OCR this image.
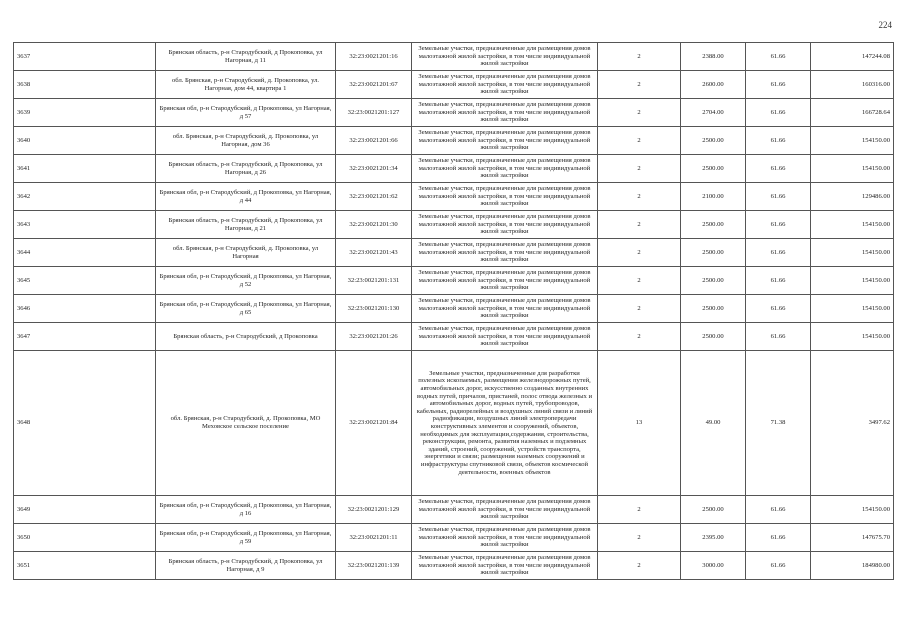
224
3637	Брянская область, р-н Стародубский, д Прокоповка, ул Нагорная, д 11	32:23:0021201:16	Земельные участки, предназначенные для размещения домов малоэтажной жилой застройки, в том числе индивидуальной жилой застройки	2	2388.00	61.66	147244.08
3638	обл. Брянская, р-н Стародубский, д. Прокоповка, ул. Нагорная, дом 44, квартира 1	32:23:0021201:67	Земельные участки, предназначенные для размещения домов малоэтажной жилой застройки, в том числе индивидуальной жилой застройки	2	2600.00	61.66	160316.00
3639	Брянская обл, р-н Стародубский, д Прокоповка, ул Нагорная, д 57	32:23:0021201:127	Земельные участки, предназначенные для размещения домов малоэтажной жилой застройки, в том числе индивидуальной жилой застройки	2	2704.00	61.66	166728.64
3640	обл. Брянская, р-н Стародубский, д. Прокоповка, ул Нагорная, дом 36	32:23:0021201:66	Земельные участки, предназначенные для размещения домов малоэтажной жилой застройки, в том числе индивидуальной жилой застройки	2	2500.00	61.66	154150.00
3641	Брянская область, р-н Стародубский, д Прокоповка, ул Нагорная, д 26	32:23:0021201:34	Земельные участки, предназначенные для размещения домов малоэтажной жилой застройки, в том числе индивидуальной жилой застройки	2	2500.00	61.66	154150.00
3642	Брянская обл, р-н Стародубский, д Прокоповка, ул Нагорная, д 44	32:23:0021201:62	Земельные участки, предназначенные для размещения домов малоэтажной жилой застройки, в том числе индивидуальной жилой застройки	2	2100.00	61.66	129486.00
3643	Брянская область, р-н Стародубский, д Прокоповка, ул Нагорная, д 21	32:23:0021201:30	Земельные участки, предназначенные для размещения домов малоэтажной жилой застройки, в том числе индивидуальной жилой застройки	2	2500.00	61.66	154150.00
3644	обл. Брянская, р-н Стародубский, д. Прокоповка, ул Нагорная	32:23:0021201:43	Земельные участки, предназначенные для размещения домов малоэтажной жилой застройки, в том числе индивидуальной жилой застройки	2	2500.00	61.66	154150.00
3645	Брянская обл, р-н Стародубский, д Прокоповка, ул Нагорная, д 52	32:23:0021201:131	Земельные участки, предназначенные для размещения домов малоэтажной жилой застройки, в том числе индивидуальной жилой застройки	2	2500.00	61.66	154150.00
3646	Брянская обл, р-н Стародубский, д Прокоповка, ул Нагорная, д 65	32:23:0021201:130	Земельные участки, предназначенные для размещения домов малоэтажной жилой застройки, в том числе индивидуальной жилой застройки	2	2500.00	61.66	154150.00
3647	Брянская область, р-н Стародубский, д Прокоповка	32:23:0021201:26	Земельные участки, предназначенные для размещения домов малоэтажной жилой застройки, в том числе индивидуальной жилой застройки	2	2500.00	61.66	154150.00
3648	обл. Брянская, р-н Стародубский, д. Прокоповка, МО Меховское сельское поселение	32:23:0021201:84	Земельные участки, предназначенные для разработки полезных ископаемых, размещения железнодорожных путей, автомобильных дорог, искусственно созданных внутренних водных путей, причалов, пристаней, полос отвода железных и автомобильных дорог, водных путей, трубопроводов, кабельных, радиорелейных и воздушных линий связи и линий радиофикации, воздушных линий электропередачи конструктивных элементов и сооружений, объектов, необходимых для эксплуатации,содержания, строительства, реконструкции, ремонта, развития наземных и подземных зданий, строений, сооружений, устройств транспорта, энергетики и связи; размещения наземных сооружений и инфраструктуры спутниковой связи, объектов космической деятельности, военных объектов	13	49.00	71.38	3497.62
3649	Брянская обл, р-н Стародубский, д Прокоповка, ул Нагорная, д 16	32:23:0021201:129	Земельные участки, предназначенные для размещения домов малоэтажной жилой застройки, в том числе индивидуальной жилой застройки	2	2500.00	61.66	154150.00
3650	Брянская обл, р-н Стародубский, д Прокоповка, ул Нагорная, д 59	32:23:0021201:11	Земельные участки, предназначенные для размещения домов малоэтажной жилой застройки, в том числе индивидуальной жилой застройки	2	2395.00	61.66	147675.70
3651	Брянская область, р-н Стародубский, д Прокоповка, ул Нагорная, д 9	32:23:0021201:139	Земельные участки, предназначенные для размещения домов малоэтажной жилой застройки, в том числе индивидуальной жилой застройки	2	3000.00	61.66	184980.00
